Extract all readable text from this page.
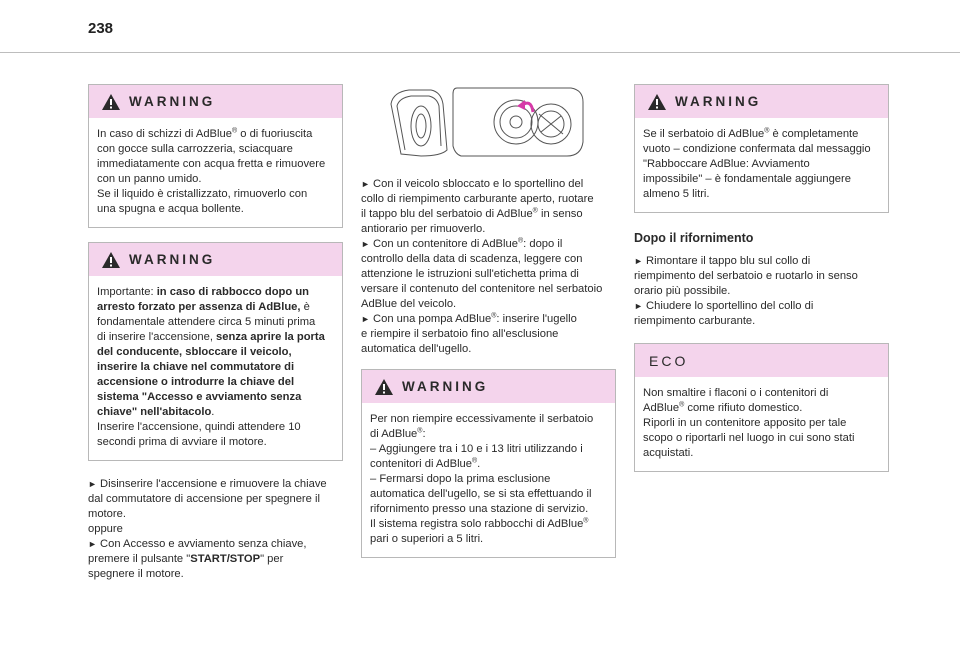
238
WARNING
In caso di schizzi di AdBlue® o di fuoriuscita
con gocce sulla carrozzeria, sciacquare
immediatamente con acqua fretta e rimuovere
con un panno umido.
Se il liquido è cristallizzato, rimuoverlo con
una spugna e acqua bollente.
WARNING
Importante: in caso di rabbocco dopo un
arresto forzato per assenza di AdBlue, è
fondamentale attendere circa 5 minuti prima
di inserire l'accensione, senza aprire la porta
del conducente, sbloccare il veicolo,
inserire la chiave nel commutatore di
accensione o introdurre la chiave del
sistema "Accesso e avviamento senza
chiave" nell'abitacolo.
Inserire l'accensione, quindi attendere 10
secondi prima di avviare il motore.
► Disinserire l'accensione e rimuovere la chiave
dal commutatore di accensione per spegnere il
motore.
oppure
► Con Accesso e avviamento senza chiave,
premere il pulsante "START/STOP" per
spegnere il motore.
► Con il veicolo sbloccato e lo sportellino del
collo di riempimento carburante aperto, ruotare
il tappo blu del serbatoio di AdBlue® in senso
antiorario per rimuoverlo.
► Con un contenitore di AdBlue®: dopo il
controllo della data di scadenza, leggere con
attenzione le istruzioni sull'etichetta prima di
versare il contenuto del contenitore nel serbatoio
AdBlue del veicolo.
► Con una pompa AdBlue®: inserire l'ugello
e riempire il serbatoio fino all'esclusione
automatica dell'ugello.
WARNING
Per non riempire eccessivamente il serbatoio
di AdBlue®:
– Aggiungere tra i 10 e i 13 litri utilizzando i
contenitori di AdBlue®.
– Fermarsi dopo la prima esclusione
automatica dell'ugello, se si sta effettuando il
rifornimento presso una stazione di servizio.
Il sistema registra solo rabbocchi di AdBlue®
pari o superiori a 5 litri.
WARNING
Se il serbatoio di AdBlue® è completamente
vuoto – condizione confermata dal messaggio
"Rabboccare AdBlue: Avviamento
impossibile" – è fondamentale aggiungere
almeno 5 litri.
Dopo il rifornimento
► Rimontare il tappo blu sul collo di
riempimento del serbatoio e ruotarlo in senso
orario più possibile.
► Chiudere lo sportellino del collo di
riempimento carburante.
ECO
Non smaltire i flaconi o i contenitori di
AdBlue® come rifiuto domestico.
Riporli in un contenitore apposito per tale
scopo o riportarli nel luogo in cui sono stati
acquistati.
